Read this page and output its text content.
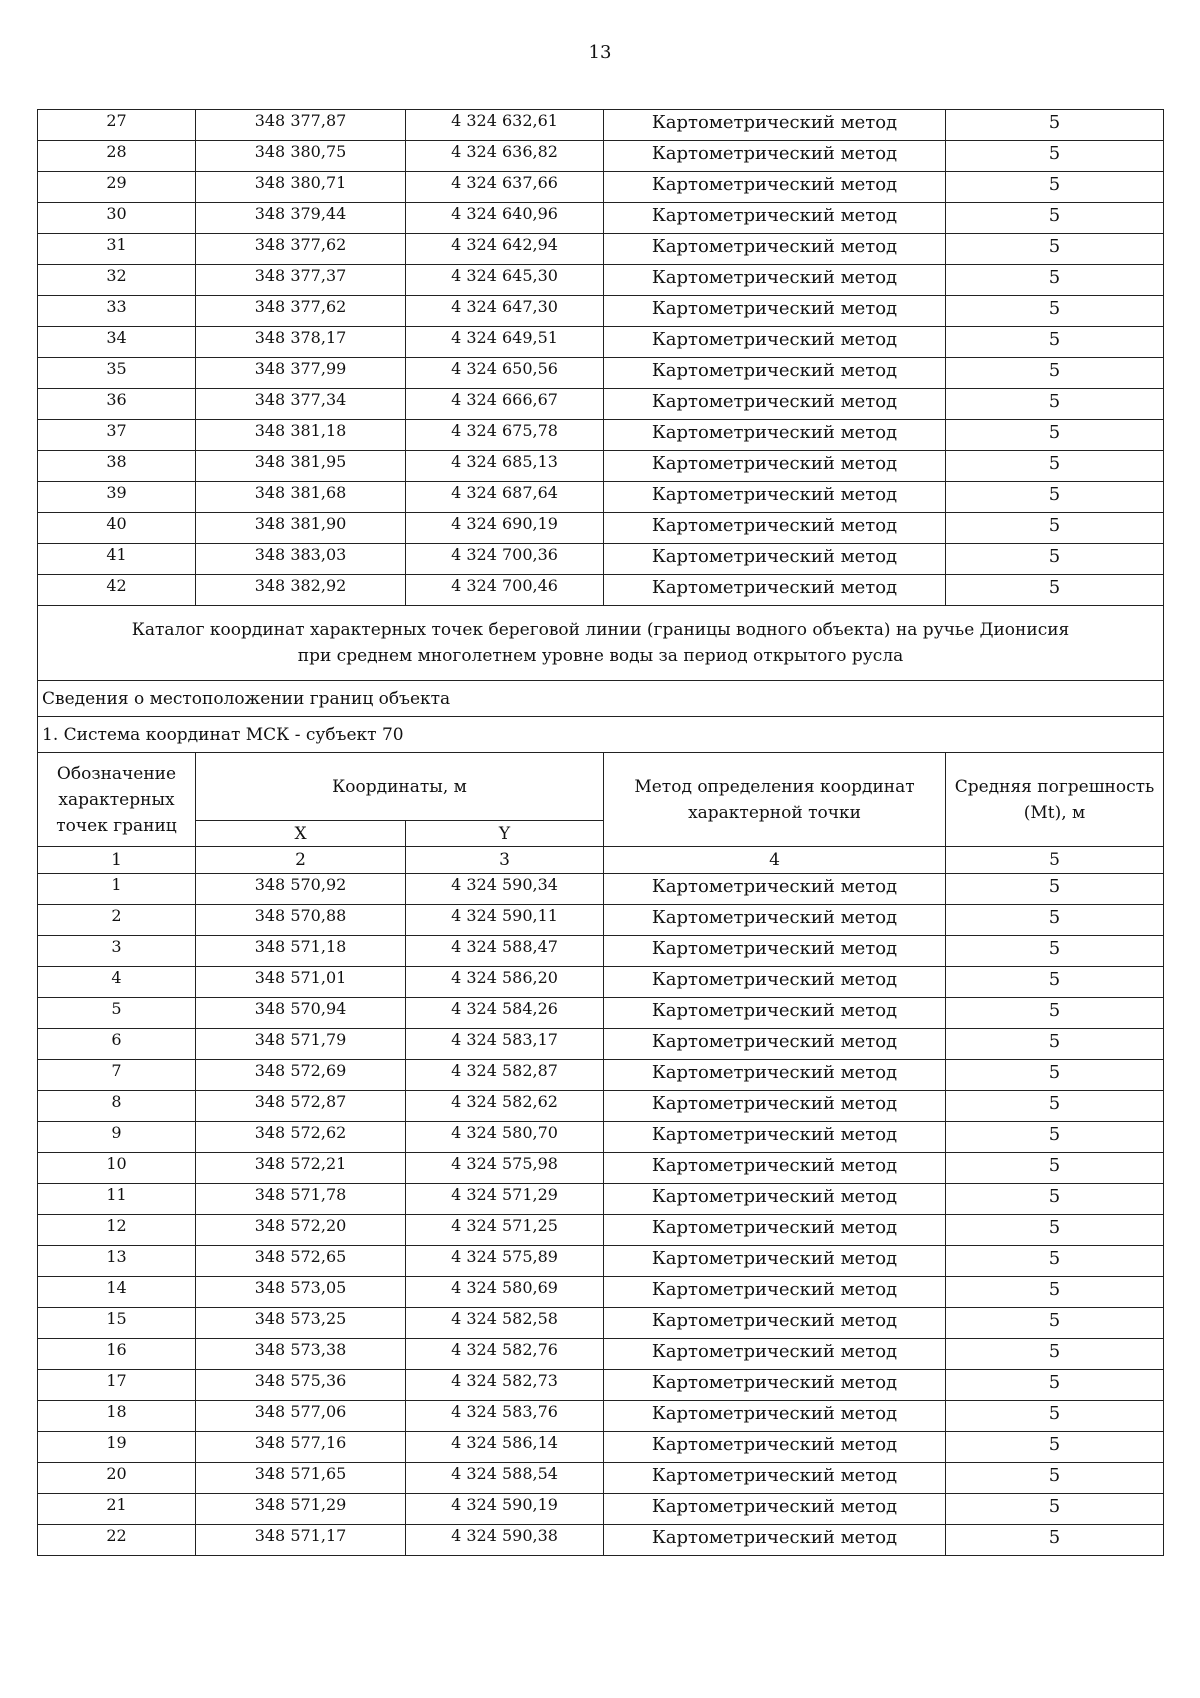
13
27	348 377,87	4 324 632,61	Картометрический метод	5
28	348 380,75	4 324 636,82	Картометрический метод	5
29	348 380,71	4 324 637,66	Картометрический метод	5
30	348 379,44	4 324 640,96	Картометрический метод	5
31	348 377,62	4 324 642,94	Картометрический метод	5
32	348 377,37	4 324 645,30	Картометрический метод	5
33	348 377,62	4 324 647,30	Картометрический метод	5
34	348 378,17	4 324 649,51	Картометрический метод	5
35	348 377,99	4 324 650,56	Картометрический метод	5
36	348 377,34	4 324 666,67	Картометрический метод	5
37	348 381,18	4 324 675,78	Картометрический метод	5
38	348 381,95	4 324 685,13	Картометрический метод	5
39	348 381,68	4 324 687,64	Картометрический метод	5
40	348 381,90	4 324 690,19	Картометрический метод	5
41	348 383,03	4 324 700,36	Картометрический метод	5
42	348 382,92	4 324 700,46	Картометрический метод	5

Каталог координат характерных точек береговой линии (границы водного объекта) на ручье Дионисия
при среднем многолетнем уровне воды за период открытого русла				

Сведения о местоположении границ объекта				
1. Система координат МСК - субъект 70				
Обозначение характерных точек границ	Координаты, м		Метод определения координат характерной точки	Средняя погрешность (Mt), м
	X	Y		
1	2	3	4	5
1	348 570,92	4 324 590,34	Картометрический метод	5
2	348 570,88	4 324 590,11	Картометрический метод	5
3	348 571,18	4 324 588,47	Картометрический метод	5
4	348 571,01	4 324 586,20	Картометрический метод	5
5	348 570,94	4 324 584,26	Картометрический метод	5
6	348 571,79	4 324 583,17	Картометрический метод	5
7	348 572,69	4 324 582,87	Картометрический метод	5
8	348 572,87	4 324 582,62	Картометрический метод	5
9	348 572,62	4 324 580,70	Картометрический метод	5
10	348 572,21	4 324 575,98	Картометрический метод	5
11	348 571,78	4 324 571,29	Картометрический метод	5
12	348 572,20	4 324 571,25	Картометрический метод	5
13	348 572,65	4 324 575,89	Картометрический метод	5
14	348 573,05	4 324 580,69	Картометрический метод	5
15	348 573,25	4 324 582,58	Картометрический метод	5
16	348 573,38	4 324 582,76	Картометрический метод	5
17	348 575,36	4 324 582,73	Картометрический метод	5
18	348 577,06	4 324 583,76	Картометрический метод	5
19	348 577,16	4 324 586,14	Картометрический метод	5
20	348 571,65	4 324 588,54	Картометрический метод	5
21	348 571,29	4 324 590,19	Картометрический метод	5
22	348 571,17	4 324 590,38	Картометрический метод	5
